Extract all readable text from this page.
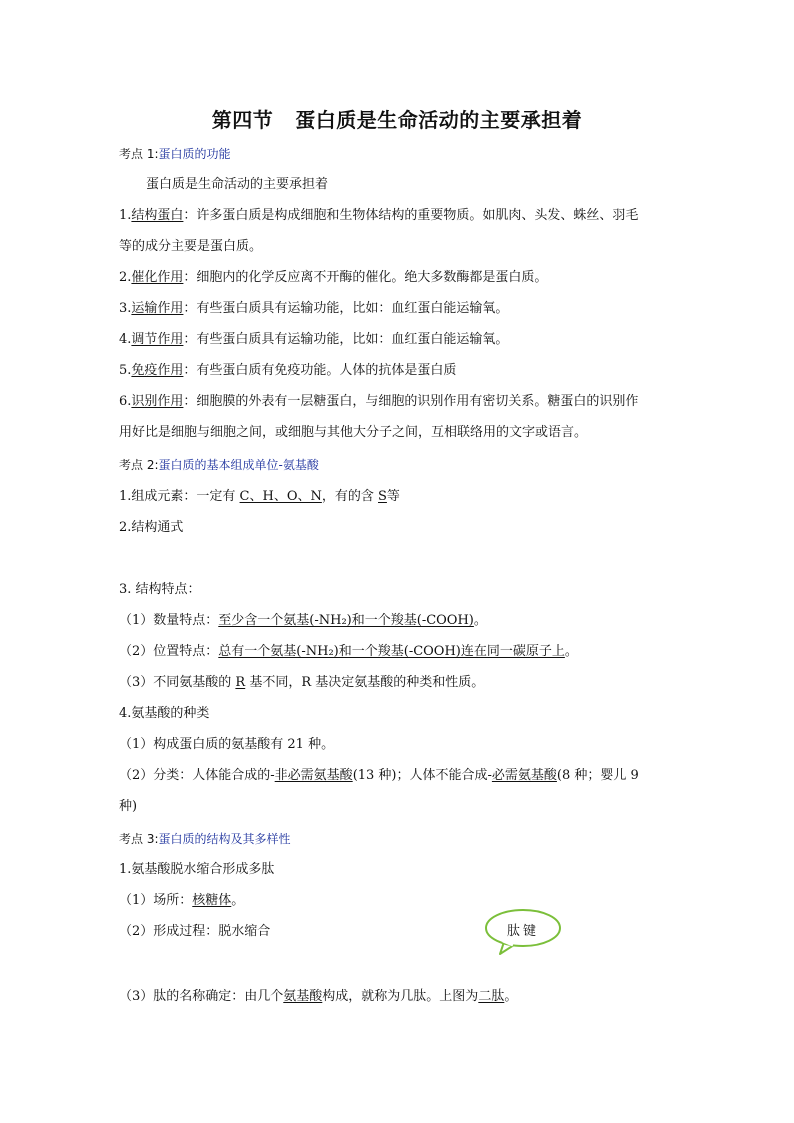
第四节 蛋白质是生命活动的主要承担着
考点 1:蛋白质的功能
蛋白质是生命活动的主要承担着
1.结构蛋白：许多蛋白质是构成细胞和生物体结构的重要物质。如肌肉、头发、蛛丝、羽毛
等的成分主要是蛋白质。
2.催化作用：细胞内的化学反应离不开酶的催化。绝大多数酶都是蛋白质。
3.运输作用：有些蛋白质具有运输功能，比如：血红蛋白能运输氧。
4.调节作用：有些蛋白质具有运输功能，比如：血红蛋白能运输氧。
5.免疫作用：有些蛋白质有免疫功能。人体的抗体是蛋白质
6.识别作用：细胞膜的外表有一层糖蛋白，与细胞的识别作用有密切关系。糖蛋白的识别作
用好比是细胞与细胞之间，或细胞与其他大分子之间，互相联络用的文字或语言。
考点 2:蛋白质的基本组成单位-氨基酸
1.组成元素：一定有 C、H、O、N，有的含 S等
2.结构通式
3. 结构特点：
（1）数量特点：至少含一个氨基(-NH₂)和一个羧基(-COOH)。
（2）位置特点：总有一个氨基(-NH₂)和一个羧基(-COOH)连在同一碳原子上。
（3）不同氨基酸的 R 基不同，R 基决定氨基酸的种类和性质。
4.氨基酸的种类
（1）构成蛋白质的氨基酸有 21 种。
（2）分类：人体能合成的-非必需氨基酸(13 种)；人体不能合成-必需氨基酸(8 种；婴儿 9
种)
考点 3:蛋白质的结构及其多样性
1.氨基酸脱水缩合形成多肽
（1）场所：核糖体。
（2）形成过程：脱水缩合	肽键
（3）肽的名称确定：由几个氨基酸构成，就称为几肽。上图为二肽。
